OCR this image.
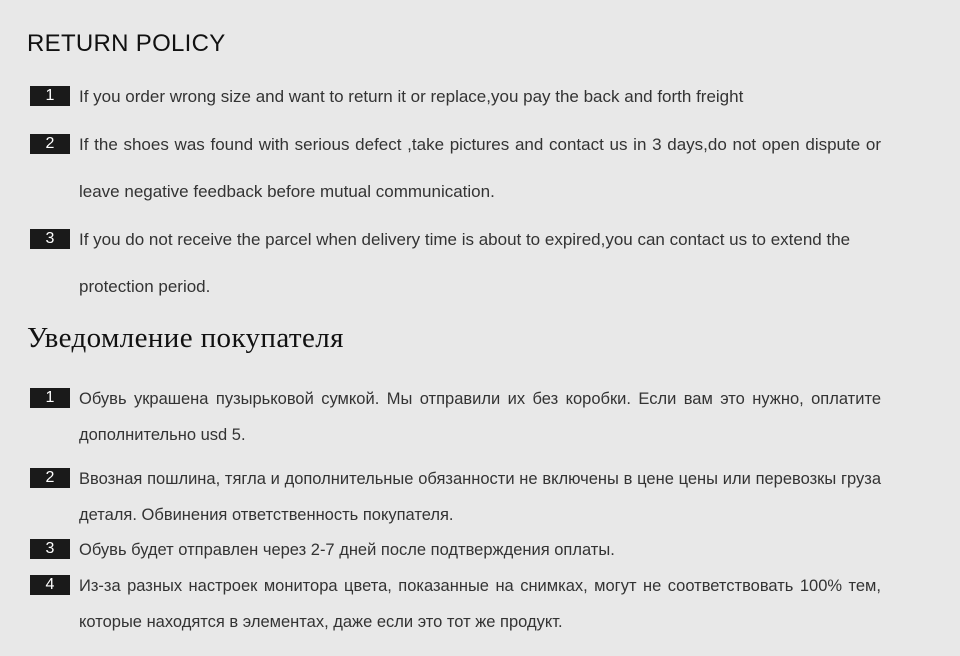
RETURN POLICY
1	If you order wrong size and want to return it or replace,you pay the back and forth freight
2	If the shoes was found with serious defect ,take pictures and contact us in 3 days,do not open dispute or leave negative feedback before mutual communication.
3	If you do not receive the parcel when delivery time is about to expired,you can contact us to extend the protection period.
Уведомление покупателя
1	Обувь украшена пузырьковой сумкой. Мы отправили их без коробки. Если вам это нужно, оплатите дополнительно usd 5.
2	Ввозная пошлина, тягла и дополнительные обязанности не включены в цене цены или перевозкы груза деталя. Обвинения ответственность покупателя.
3	Обувь будет отправлен через 2-7 дней после подтверждения оплаты.
4	Из-за разных настроек монитора цвета, показанные на снимках, могут не соответствовать 100% тем, которые находятся в элементах, даже если это тот же продукт.
